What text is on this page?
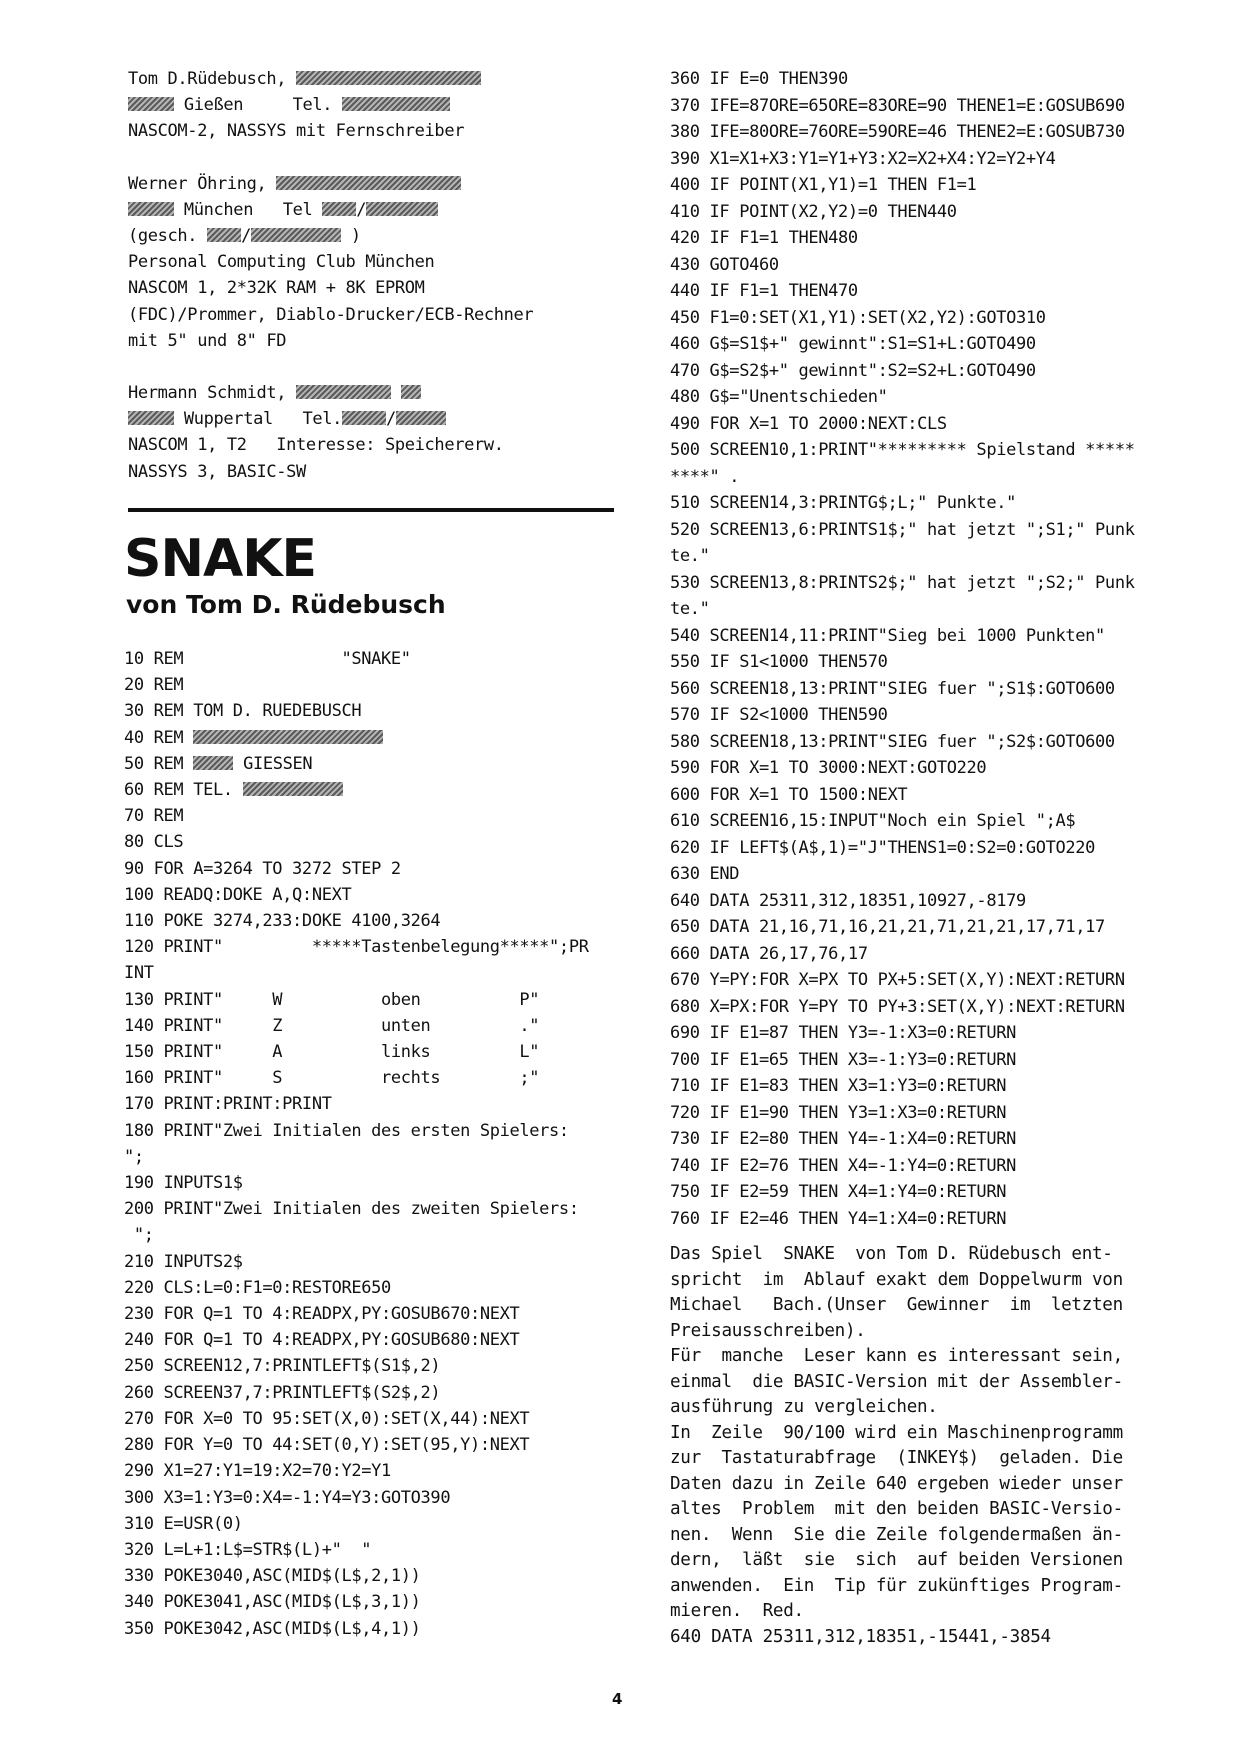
Tom D.Rüdebusch,
Gießen     Tel.
NASCOM-2, NASSYS mit Fernschreiber
Werner Öhring,
München   Tel /
(gesch. /	)
Personal Computing Club München
NASCOM 1, 2*32K RAM + 8K EPROM
(FDC)/Prommer, Diablo-Drucker/ECB-Rechner
mit 5" und 8" FD
Hermann Schmidt,
Wuppertal   Tel.	/
NASCOM 1, T2   Interesse: Speichererw.
NASSYS 3, BASIC-SW
SNAKE
von Tom D. Rüdebusch
10 REM                "SNAKE"
20 REM
30 REM TOM D. RUEDEBUSCH
40 REM
50 REM  GIESSEN
60 REM TEL.
70 REM
80 CLS
90 FOR A=3264 TO 3272 STEP 2
100 READQ:DOKE A,Q:NEXT
110 POKE 3274,233:DOKE 4100,3264
120 PRINT"         *****Tastenbelegung*****";PR
INT
130 PRINT"     W          oben          P"
140 PRINT"     Z          unten         ."
150 PRINT"     A          links         L"
160 PRINT"     S          rechts        ;"
170 PRINT:PRINT:PRINT
180 PRINT"Zwei Initialen des ersten Spielers:
";
190 INPUTS1$
200 PRINT"Zwei Initialen des zweiten Spielers:
";
210 INPUTS2$
220 CLS:L=0:F1=0:RESTORE650
230 FOR Q=1 TO 4:READPX,PY:GOSUB670:NEXT
240 FOR Q=1 TO 4:READPX,PY:GOSUB680:NEXT
250 SCREEN12,7:PRINTLEFT$(S1$,2)
260 SCREEN37,7:PRINTLEFT$(S2$,2)
270 FOR X=0 TO 95:SET(X,0):SET(X,44):NEXT
280 FOR Y=0 TO 44:SET(0,Y):SET(95,Y):NEXT
290 X1=27:Y1=19:X2=70:Y2=Y1
300 X3=1:Y3=0:X4=-1:Y4=Y3:GOTO390
310 E=USR(0)
320 L=L+1:L$=STR$(L)+"  "
330 POKE3040,ASC(MID$(L$,2,1))
340 POKE3041,ASC(MID$(L$,3,1))
350 POKE3042,ASC(MID$(L$,4,1))
360 IF E=0 THEN390
370 IFE=87ORE=65ORE=83ORE=90 THENE1=E:GOSUB690
380 IFE=80ORE=76ORE=59ORE=46 THENE2=E:GOSUB730
390 X1=X1+X3:Y1=Y1+Y3:X2=X2+X4:Y2=Y2+Y4
400 IF POINT(X1,Y1)=1 THEN F1=1
410 IF POINT(X2,Y2)=0 THEN440
420 IF F1=1 THEN480
430 GOTO460
440 IF F1=1 THEN470
450 F1=0:SET(X1,Y1):SET(X2,Y2):GOTO310
460 G$=S1$+" gewinnt":S1=S1+L:GOTO490
470 G$=S2$+" gewinnt":S2=S2+L:GOTO490
480 G$="Unentschieden"
490 FOR X=1 TO 2000:NEXT:CLS
500 SCREEN10,1:PRINT"********* Spielstand *****
****" .
510 SCREEN14,3:PRINTG$;L;" Punkte."
520 SCREEN13,6:PRINTS1$;" hat jetzt ";S1;" Punk
te."
530 SCREEN13,8:PRINTS2$;" hat jetzt ";S2;" Punk
te."
540 SCREEN14,11:PRINT"Sieg bei 1000 Punkten"
550 IF S1<1000 THEN570
560 SCREEN18,13:PRINT"SIEG fuer ";S1$:GOTO600
570 IF S2<1000 THEN590
580 SCREEN18,13:PRINT"SIEG fuer ";S2$:GOTO600
590 FOR X=1 TO 3000:NEXT:GOTO220
600 FOR X=1 TO 1500:NEXT
610 SCREEN16,15:INPUT"Noch ein Spiel ";A$
620 IF LEFT$(A$,1)="J"THENS1=0:S2=0:GOTO220
630 END
640 DATA 25311,312,18351,10927,-8179
650 DATA 21,16,71,16,21,21,71,21,21,17,71,17
660 DATA 26,17,76,17
670 Y=PY:FOR X=PX TO PX+5:SET(X,Y):NEXT:RETURN
680 X=PX:FOR Y=PY TO PY+3:SET(X,Y):NEXT:RETURN
690 IF E1=87 THEN Y3=-1:X3=0:RETURN
700 IF E1=65 THEN X3=-1:Y3=0:RETURN
710 IF E1=83 THEN X3=1:Y3=0:RETURN
720 IF E1=90 THEN Y3=1:X3=0:RETURN
730 IF E2=80 THEN Y4=-1:X4=0:RETURN
740 IF E2=76 THEN X4=-1:Y4=0:RETURN
750 IF E2=59 THEN X4=1:Y4=0:RETURN
760 IF E2=46 THEN Y4=1:X4=0:RETURN
Das Spiel  SNAKE  von Tom D. Rüdebusch ent-
spricht  im  Ablauf exakt dem Doppelwurm von
Michael   Bach.(Unser  Gewinner  im  letzten
Preisausschreiben).
Für  manche  Leser kann es interessant sein,
einmal  die BASIC-Version mit der Assembler-
ausführung zu vergleichen.
In  Zeile  90/100 wird ein Maschinenprogramm
zur  Tastaturabfrage  (INKEY$)  geladen. Die
Daten dazu in Zeile 640 ergeben wieder unser
altes  Problem  mit den beiden BASIC-Versio-
nen.  Wenn  Sie die Zeile folgendermaßen än-
dern,  läßt  sie  sich  auf beiden Versionen
anwenden.  Ein  Tip für zukünftiges Program-
mieren.  Red.
640 DATA 25311,312,18351,-15441,-3854
4
